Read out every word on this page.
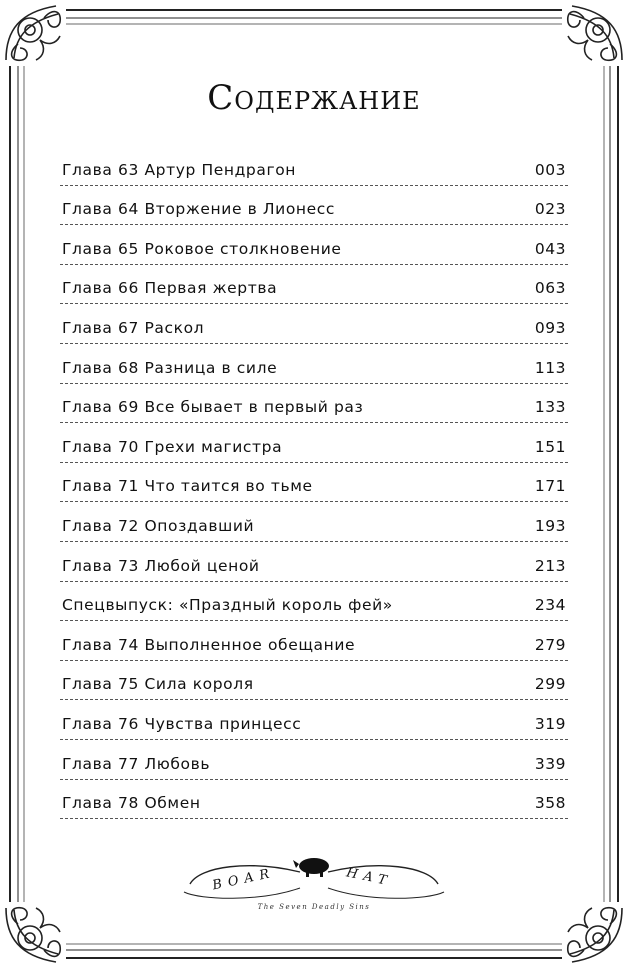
Содержание
Глава 63 Артур Пендрагон	003
Глава 64 Вторжение в Лионесс	023
Глава 65 Роковое столкновение	043
Глава 66 Первая жертва	063
Глава 67 Раскол	093
Глава 68 Разница в силе	113
Глава 69 Все бывает в первый раз	133
Глава 70 Грехи магистра	151
Глава 71 Что таится во тьме	171
Глава 72 Опоздавший	193
Глава 73 Любой ценой	213
Спецвыпуск: «Праздный король фей»	234
Глава 74 Выполненное обещание	279
Глава 75 Сила короля	299
Глава 76 Чувства принцесс	319
Глава 77 Любовь	339
Глава 78 Обмен	358
BOAR	HAT
The Seven Deadly Sins
